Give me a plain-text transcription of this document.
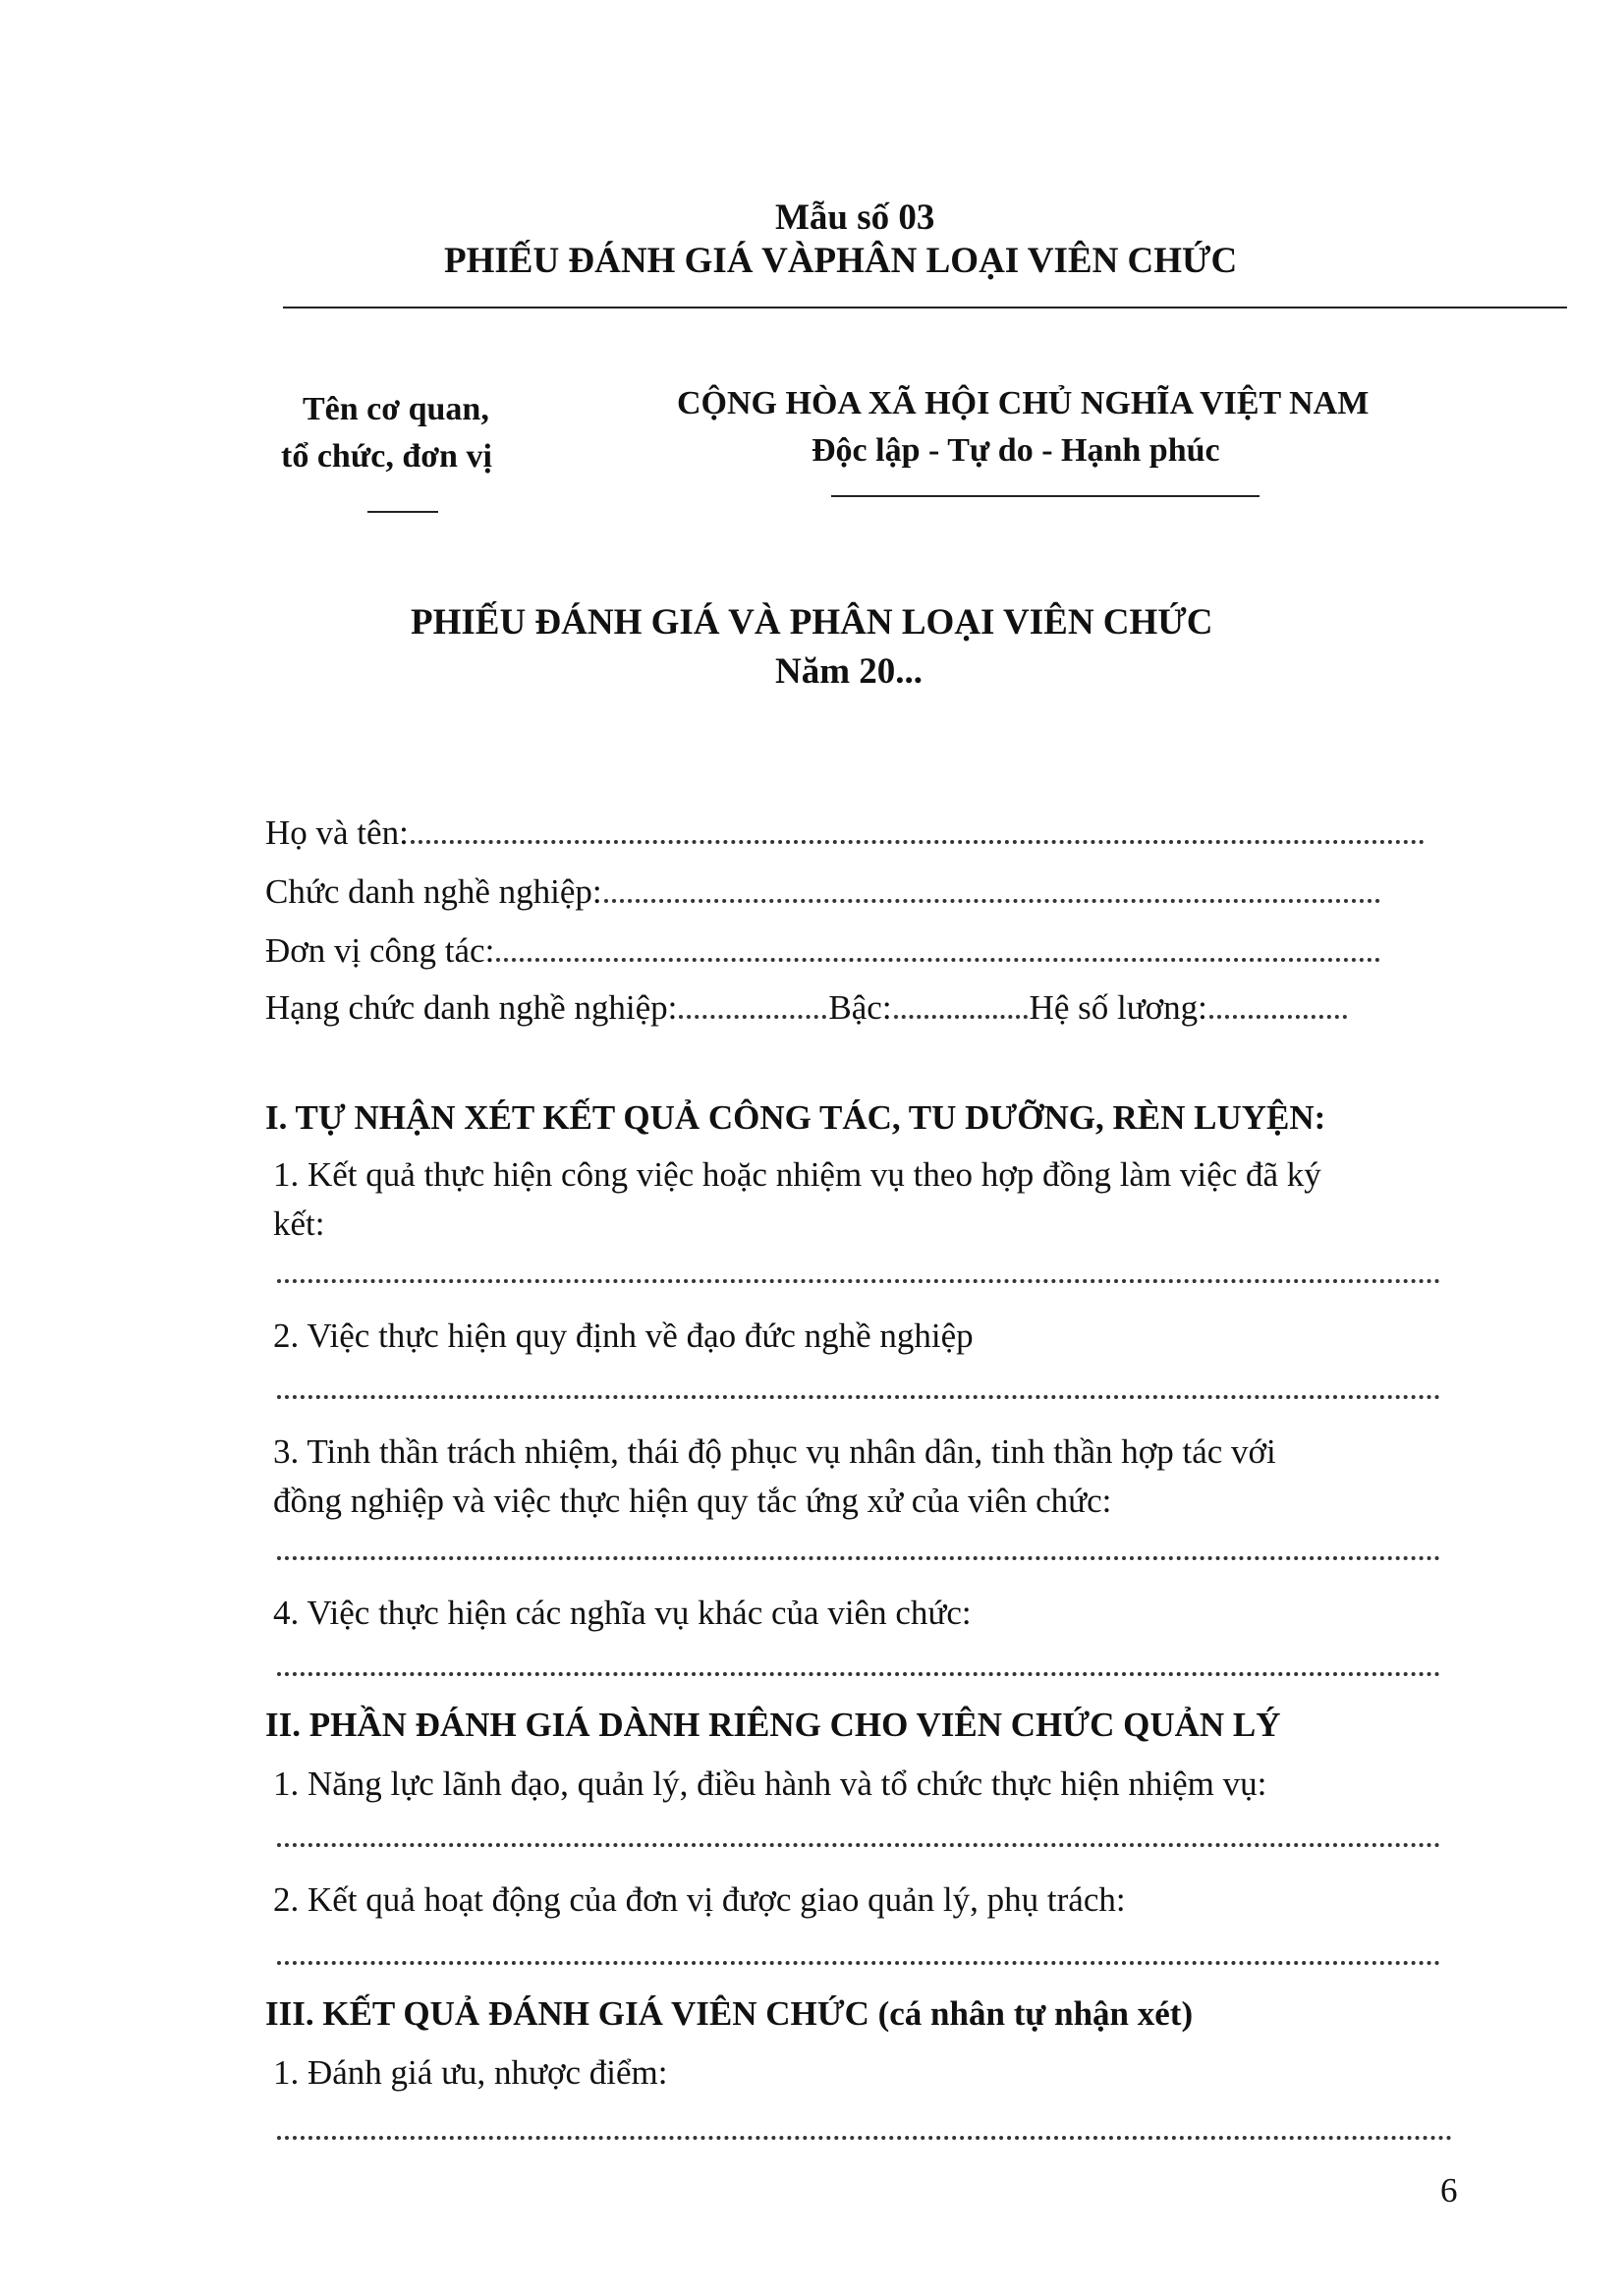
Mẫu số 03
PHIẾU ĐÁNH GIÁ VÀPHÂN LOẠI VIÊN CHỨC
Tên cơ quan,
tổ chức, đơn vị
CỘNG HÒA XÃ HỘI CHỦ NGHĨA VIỆT NAM
Độc lập - Tự do - Hạnh phúc
PHIẾU ĐÁNH GIÁ VÀ PHÂN LOẠI VIÊN CHỨC
Năm 20...
Họ và tên:
Chức danh nghề nghiệp:
Đơn vị công tác:
Hạng chức danh nghề nghiệp:	Bậc:	Hệ số lương:
I. TỰ NHẬN XÉT KẾT QUẢ CÔNG TÁC, TU DƯỠNG, RÈN LUYỆN:
1. Kết quả thực hiện công việc hoặc nhiệm vụ theo hợp đồng làm việc đã ký
kết:
2. Việc thực hiện quy định về đạo đức nghề nghiệp
3. Tinh thần trách nhiệm, thái độ phục vụ nhân dân, tinh thần hợp tác với
đồng nghiệp và việc thực hiện quy tắc ứng xử của viên chức:
4. Việc thực hiện các nghĩa vụ khác của viên chức:
II. PHẦN ĐÁNH GIÁ DÀNH RIÊNG CHO VIÊN CHỨC QUẢN LÝ
1. Năng lực lãnh đạo, quản lý, điều hành và tổ chức thực hiện nhiệm vụ:
2. Kết quả hoạt động của đơn vị được giao quản lý, phụ trách:
III. KẾT QUẢ ĐÁNH GIÁ VIÊN CHỨC (cá nhân tự nhận xét)
1. Đánh giá ưu, nhược điểm:
6
